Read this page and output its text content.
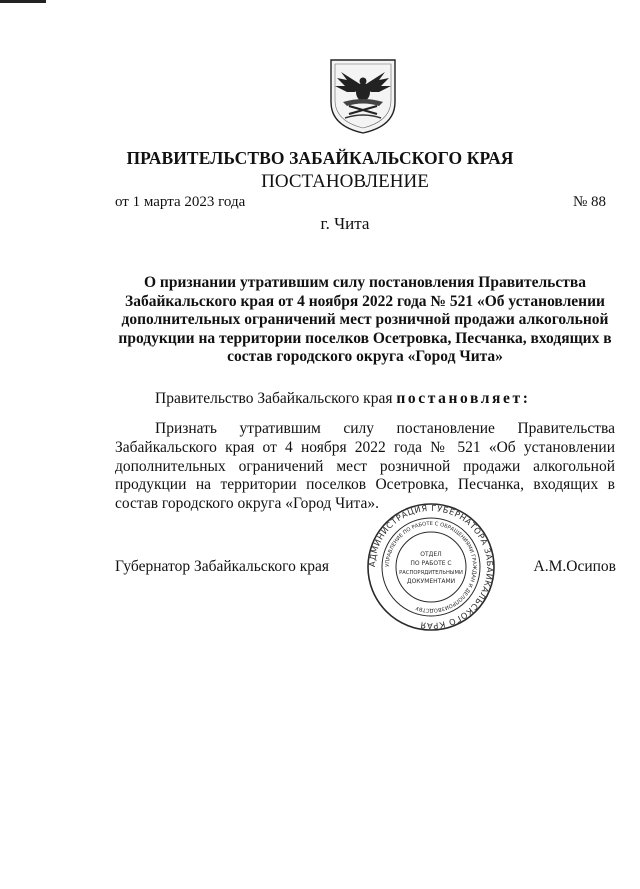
ПРАВИТЕЛЬСТВО ЗАБАЙКАЛЬСКОГО КРАЯ
ПОСТАНОВЛЕНИЕ
от 1 марта 2023 года	№ 88
г. Чита
О признании утратившим силу постановления Правительства Забайкальского края от 4 ноября 2022 года № 521 «Об установлении дополнительных ограничений мест розничной продажи алкогольной продукции на территории поселков Осетровка, Песчанка, входящих в состав городского округа «Город Чита»
Правительство Забайкальского края постановляет:
Признать утратившим силу постановление Правительства Забайкальского края от 4 ноября 2022 года № 521 «Об установлении дополнительных ограничений мест розничной продажи алкогольной продукции на территории поселков Осетровка, Песчанка, входящих в состав городского округа «Город Чита».
Губернатор Забайкальского края	А.М.Осипов
АДМИНИСТРАЦИЯ ГУБЕРНАТОРА ЗАБАЙКАЛЬСКОГО КРАЯ
УПРАВЛЕНИЕ ПО РАБОТЕ С ОБРАЩЕНИЯМИ ГРАЖДАН И ДЕЛОПРОИЗВОДСТВУ
ОТДЕЛ
ПО РАБОТЕ С
РАСПОРЯДИТЕЛЬНЫМИ
ДОКУМЕНТАМИ
